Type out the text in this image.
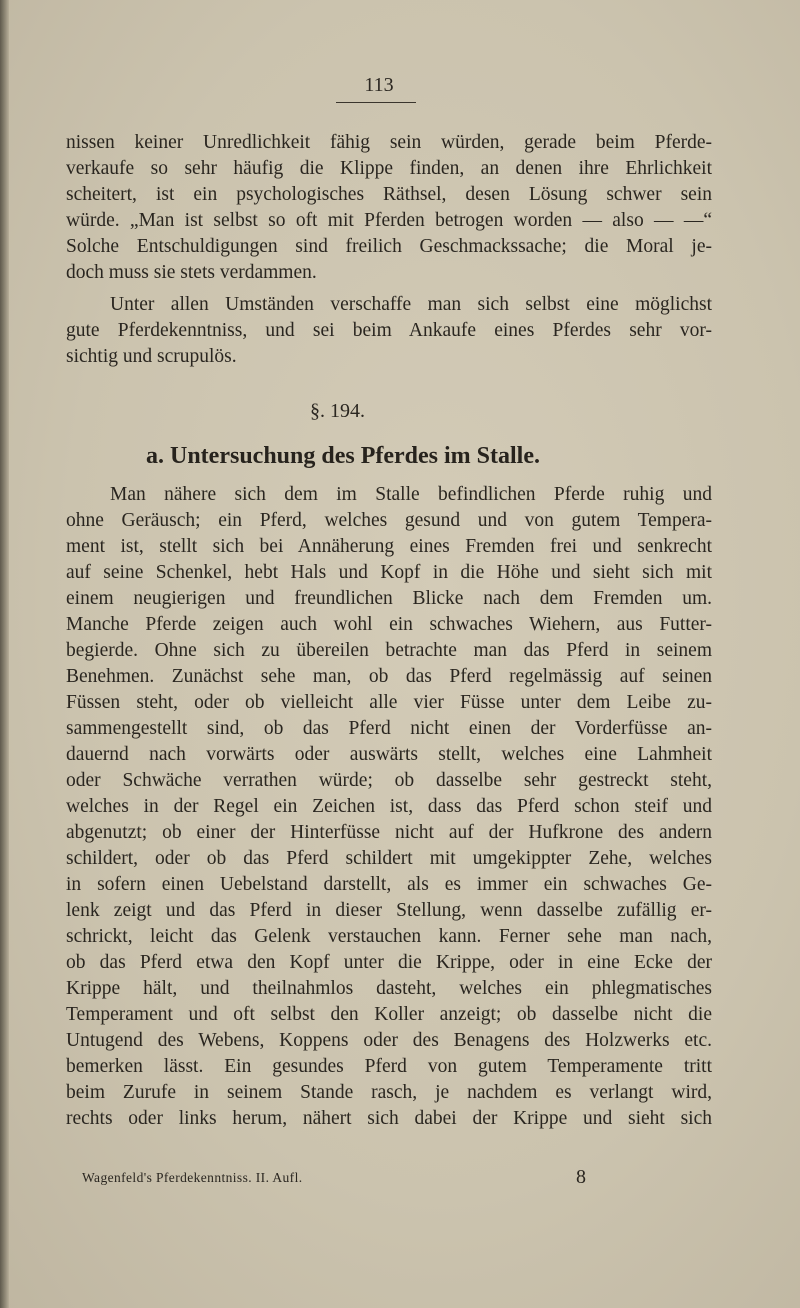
113
nissen keiner Unredlichkeit fähig sein würden, gerade beim Pferde-
verkaufe so sehr häufig die Klippe finden, an denen ihre Ehrlichkeit
scheitert, ist ein psychologisches Räthsel, desen Lösung schwer sein
würde. „Man ist selbst so oft mit Pferden betrogen worden — also — —“
Solche Entschuldigungen sind freilich Geschmackssache; die Moral je-
doch muss sie stets verdammen.
Unter allen Umständen verschaffe man sich selbst eine möglichst
gute Pferdekenntniss, und sei beim Ankaufe eines Pferdes sehr vor-
sichtig und scrupulös.
§. 194.
a. Untersuchung des Pferdes im Stalle.
Man nähere sich dem im Stalle befindlichen Pferde ruhig und
ohne Geräusch; ein Pferd, welches gesund und von gutem Tempera-
ment ist, stellt sich bei Annäherung eines Fremden frei und senkrecht
auf seine Schenkel, hebt Hals und Kopf in die Höhe und sieht sich mit
einem neugierigen und freundlichen Blicke nach dem Fremden um.
Manche Pferde zeigen auch wohl ein schwaches Wiehern, aus Futter-
begierde. Ohne sich zu übereilen betrachte man das Pferd in seinem
Benehmen. Zunächst sehe man, ob das Pferd regelmässig auf seinen
Füssen steht, oder ob vielleicht alle vier Füsse unter dem Leibe zu-
sammengestellt sind, ob das Pferd nicht einen der Vorderfüsse an-
dauernd nach vorwärts oder auswärts stellt, welches eine Lahmheit
oder Schwäche verrathen würde; ob dasselbe sehr gestreckt steht,
welches in der Regel ein Zeichen ist, dass das Pferd schon steif und
abgenutzt; ob einer der Hinterfüsse nicht auf der Hufkrone des andern
schildert, oder ob das Pferd schildert mit umgekippter Zehe, welches
in sofern einen Uebelstand darstellt, als es immer ein schwaches Ge-
lenk zeigt und das Pferd in dieser Stellung, wenn dasselbe zufällig er-
schrickt, leicht das Gelenk verstauchen kann. Ferner sehe man nach,
ob das Pferd etwa den Kopf unter die Krippe, oder in eine Ecke der
Krippe hält, und theilnahmlos dasteht, welches ein phlegmatisches
Temperament und oft selbst den Koller anzeigt; ob dasselbe nicht die
Untugend des Webens, Koppens oder des Benagens des Holzwerks etc.
bemerken lässt. Ein gesundes Pferd von gutem Temperamente tritt
beim Zurufe in seinem Stande rasch, je nachdem es verlangt wird,
rechts oder links herum, nähert sich dabei der Krippe und sieht sich
Wagenfeld's Pferdekenntniss. II. Aufl.	8
